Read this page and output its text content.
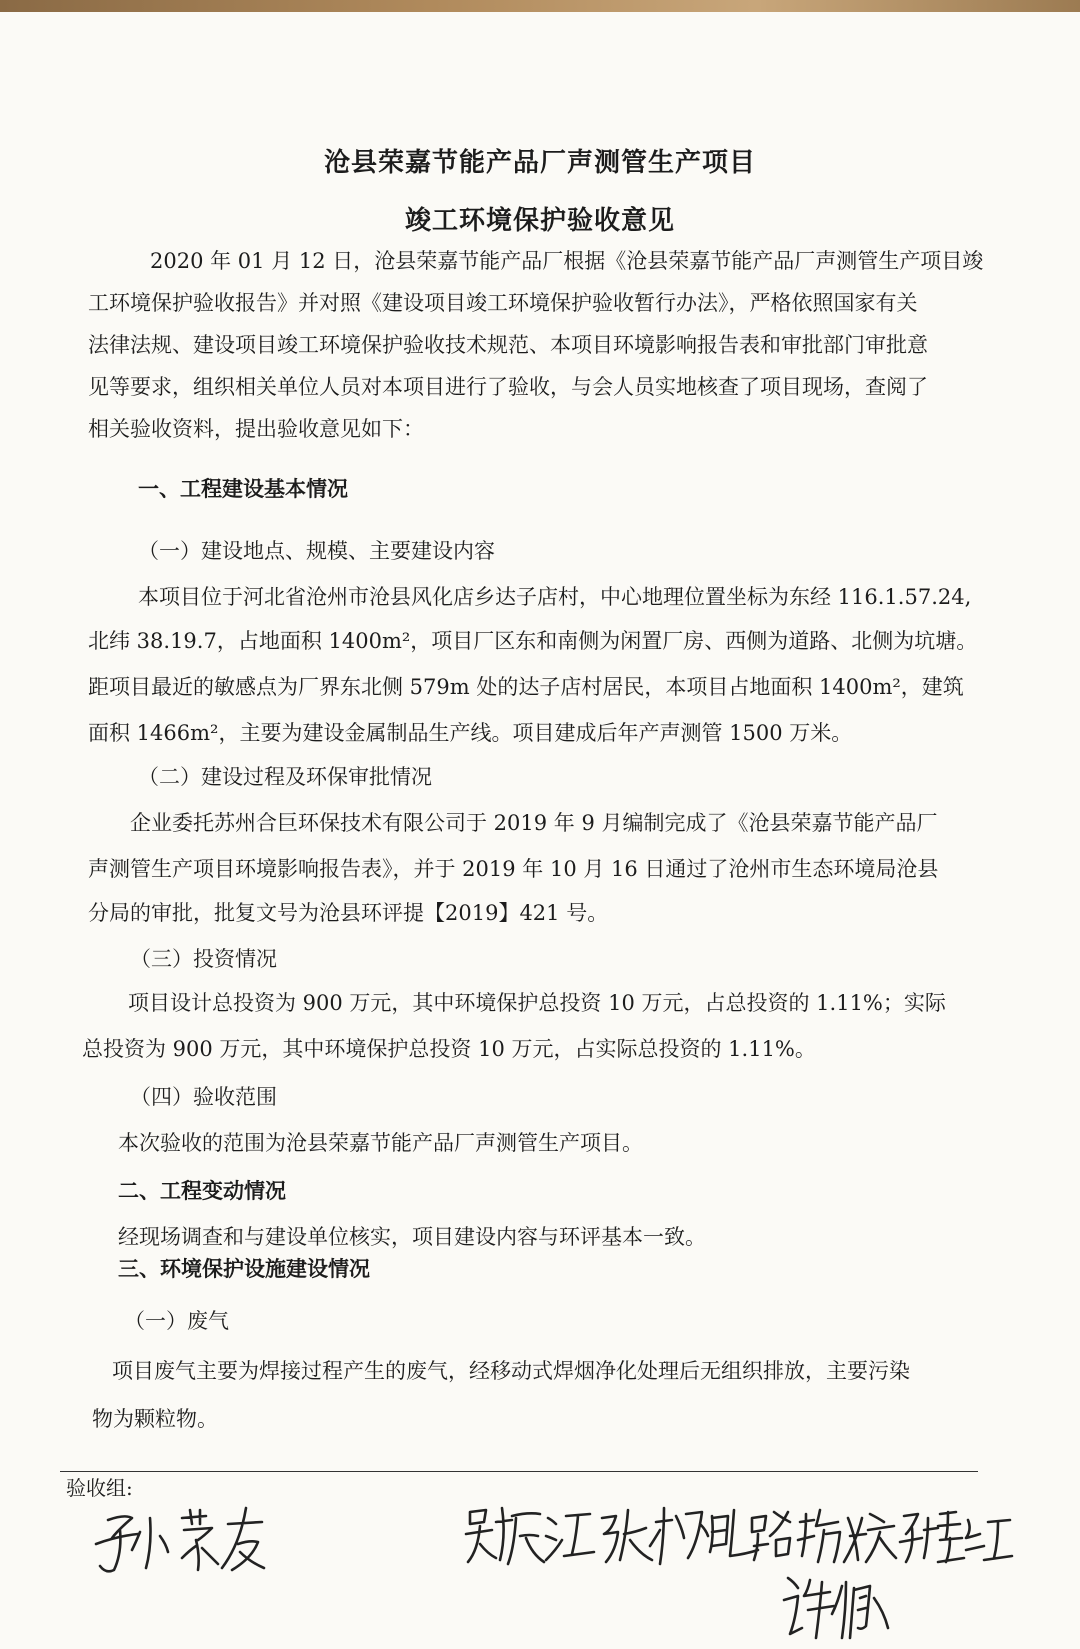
沧县荣嘉节能产品厂声测管生产项目
竣工环境保护验收意见
2020 年 01 月 12 日，沧县荣嘉节能产品厂根据《沧县荣嘉节能产品厂声测管生产项目竣
工环境保护验收报告》并对照《建设项目竣工环境保护验收暂行办法》，严格依照国家有关
法律法规、建设项目竣工环境保护验收技术规范、本项目环境影响报告表和审批部门审批意
见等要求，组织相关单位人员对本项目进行了验收，与会人员实地核查了项目现场，查阅了
相关验收资料，提出验收意见如下：
一、工程建设基本情况
（一）建设地点、规模、主要建设内容
本项目位于河北省沧州市沧县风化店乡达子店村，中心地理位置坐标为东经 116.1.57.24,
北纬 38.19.7，占地面积 1400m²，项目厂区东和南侧为闲置厂房、西侧为道路、北侧为坑塘。
距项目最近的敏感点为厂界东北侧 579m 处的达子店村居民，本项目占地面积 1400m²，建筑
面积 1466m²，主要为建设金属制品生产线。项目建成后年产声测管 1500 万米。
（二）建设过程及环保审批情况
企业委托苏州合巨环保技术有限公司于 2019 年 9 月编制完成了《沧县荣嘉节能产品厂
声测管生产项目环境影响报告表》，并于 2019 年 10 月 16 日通过了沧州市生态环境局沧县
分局的审批，批复文号为沧县环评提【2019】421 号。
（三）投资情况
项目设计总投资为 900 万元，其中环境保护总投资 10 万元，占总投资的 1.11%；实际
总投资为 900 万元，其中环境保护总投资 10 万元，占实际总投资的 1.11%。
（四）验收范围
本次验收的范围为沧县荣嘉节能产品厂声测管生产项目。
二、工程变动情况
经现场调查和与建设单位核实，项目建设内容与环评基本一致。
三、环境保护设施建设情况
（一）废气
项目废气主要为焊接过程产生的废气，经移动式焊烟净化处理后无组织排放，主要污染
物为颗粒物。
验收组:
